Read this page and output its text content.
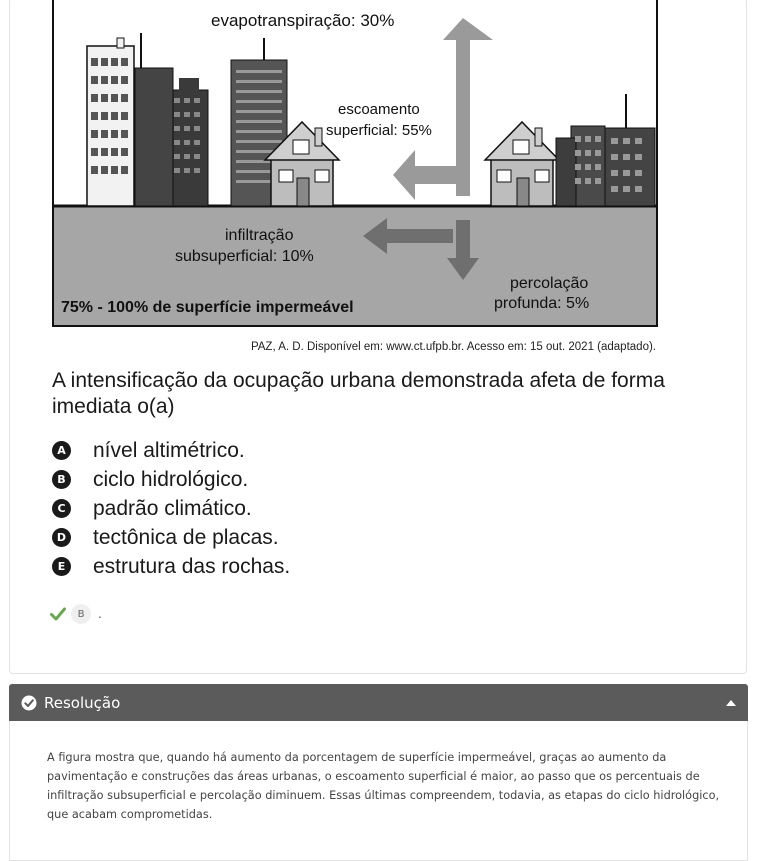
evapotranspiração: 30%
escoamento
superficial: 55%
infiltração
subsuperficial: 10%
percolação
profunda: 5%
75% - 100% de superfície impermeável
PAZ, A. D. Disponível em: www.ct.ufpb.br. Acesso em: 15 out. 2021 (adaptado).
A intensificação da ocupação urbana demonstrada afeta de forma imediata o(a)
A nível altimétrico.
B ciclo hidrológico.
C padrão climático.
D tectônica de placas.
E estrutura das rochas.
B	.
Resolução

A figura mostra que, quando há aumento da porcentagem de superfície impermeável, graças ao aumento da pavimentação e construções das áreas urbanas, o escoamento superficial é maior, ao passo que os percentuais de infiltração subsuperficial e percolação diminuem. Essas últimas compreendem, todavia, as etapas do ciclo hidrológico, que acabam comprometidas.
